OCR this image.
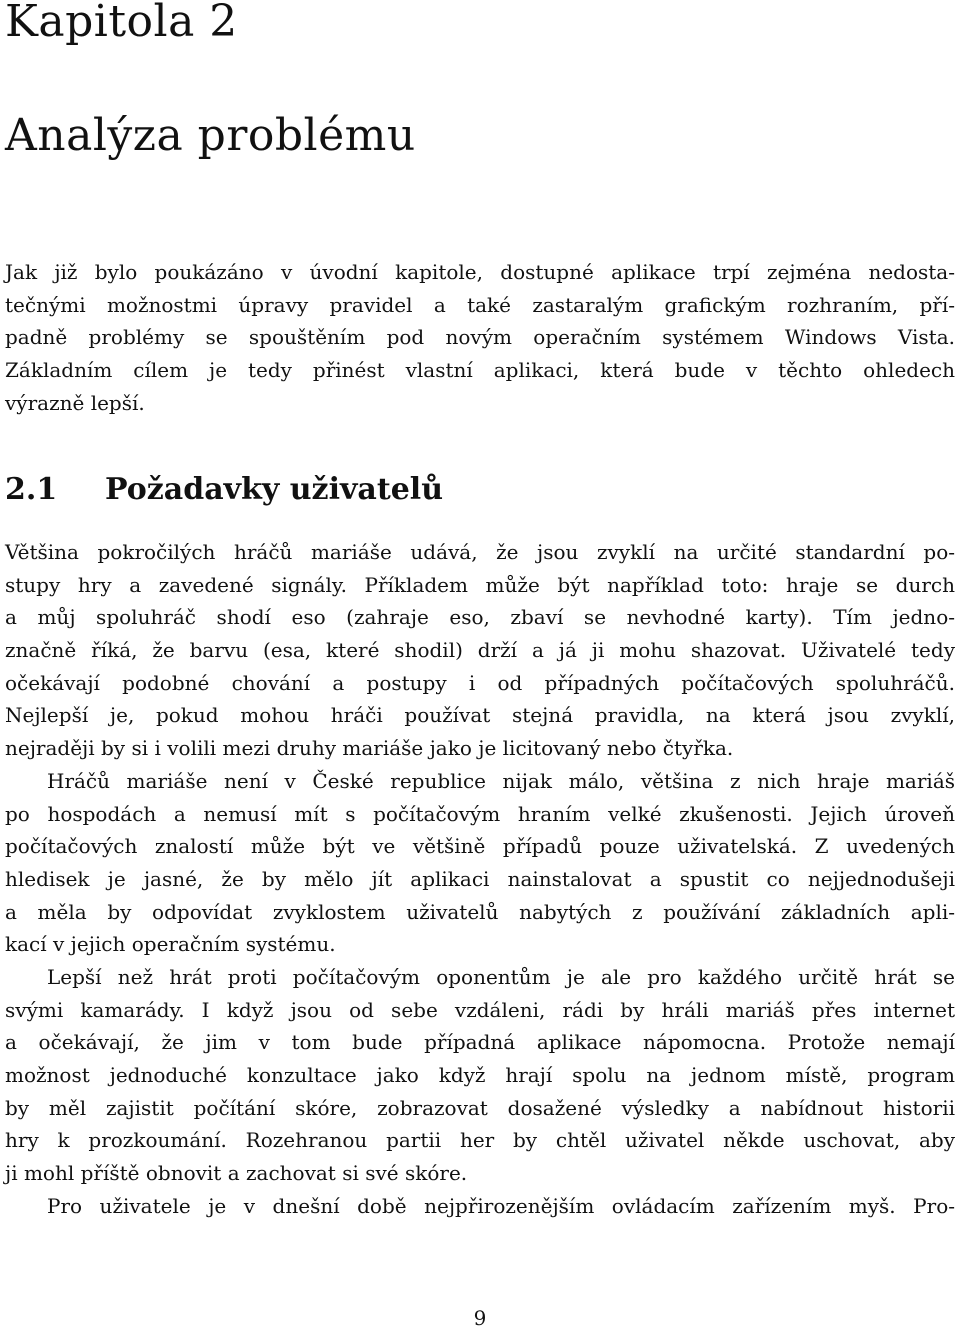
Kapitola 2
Analýza problému
Jak již bylo poukázáno v úvodní kapitole, dostupné aplikace trpí zejména nedosta-
tečnými možnostmi úpravy pravidel a také zastaralým grafickým rozhraním, pří-
padně problémy se spouštěním pod novým operačním systémem Windows Vista.
Základním cílem je tedy přinést vlastní aplikaci, která bude v těchto ohledech
výrazně lepší.
2.1 Požadavky uživatelů
Většina pokročilých hráčů mariáše udává, že jsou zvyklí na určité standardní po-
stupy hry a zavedené signály. Příkladem může být například toto: hraje se durch
a můj spoluhráč shodí eso (zahraje eso, zbaví se nevhodné karty). Tím jedno-
značně říká, že barvu (esa, které shodil) drží a já ji mohu shazovat. Uživatelé tedy
očekávají podobné chování a postupy i od případných počítačových spoluhráčů.
Nejlepší je, pokud mohou hráči používat stejná pravidla, na která jsou zvyklí,
nejraději by si i volili mezi druhy mariáše jako je licitovaný nebo čtyřka.
Hráčů mariáše není v České republice nijak málo, většina z nich hraje mariáš
po hospodách a nemusí mít s počítačovým hraním velké zkušenosti. Jejich úroveň
počítačových znalostí může být ve většině případů pouze uživatelská. Z uvedených
hledisek je jasné, že by mělo jít aplikaci nainstalovat a spustit co nejjednodušeji
a měla by odpovídat zvyklostem uživatelů nabytých z používání základních apli-
kací v jejich operačním systému.
Lepší než hrát proti počítačovým oponentům je ale pro každého určitě hrát se
svými kamarády. I když jsou od sebe vzdáleni, rádi by hráli mariáš přes internet
a očekávají, že jim v tom bude případná aplikace nápomocna. Protože nemají
možnost jednoduché konzultace jako když hrají spolu na jednom místě, program
by měl zajistit počítání skóre, zobrazovat dosažené výsledky a nabídnout historii
hry k prozkoumání. Rozehranou partii her by chtěl uživatel někde uschovat, aby
ji mohl příště obnovit a zachovat si své skóre.
Pro uživatele je v dnešní době nejpřirozenějším ovládacím zařízením myš. Pro-
9
